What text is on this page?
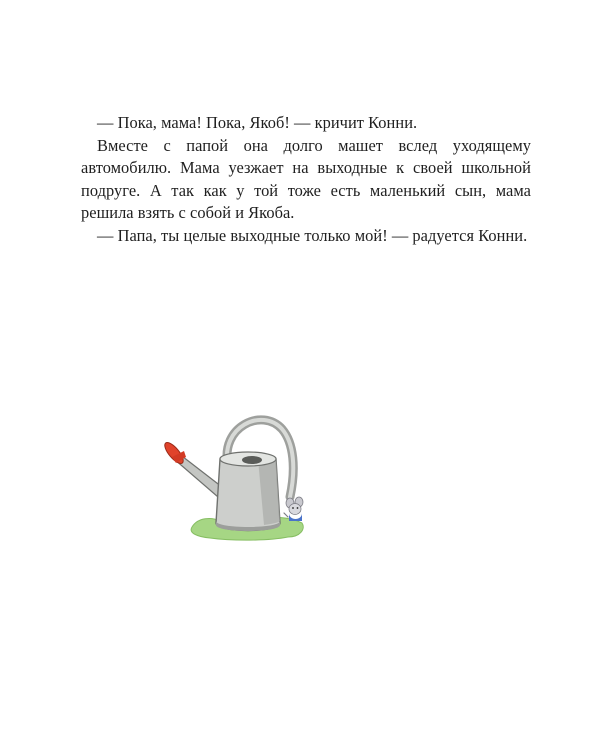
— Пока, мама! Пока, Якоб! — кричит Конни.

Вместе с папой она долго машет вслед уходящему автомобилю. Мама уезжает на выходные к своей школьной подруге. А так как у той тоже есть маленький сын, мама решила взять с собой и Якоба.

— Папа, ты целые выходные только мой! — радуется Конни.
